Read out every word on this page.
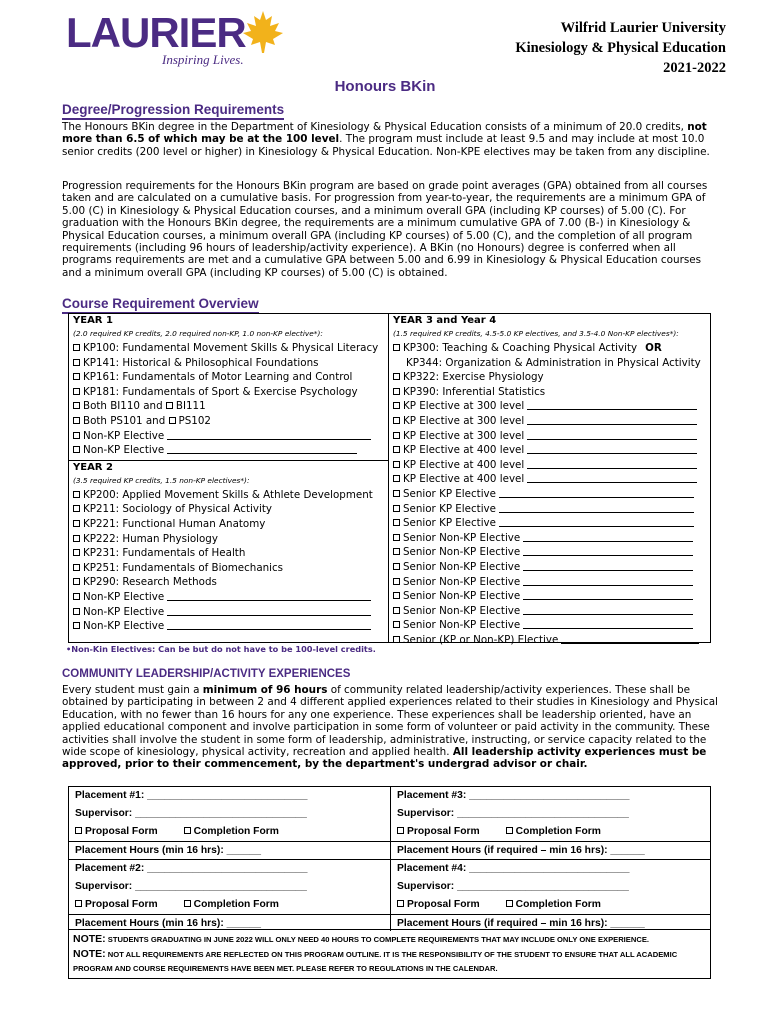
LAURIER
Inspiring Lives.
Wilfrid Laurier University
Kinesiology & Physical Education
2021-2022
Honours BKin
Degree/Progression Requirements
The Honours BKin degree in the Department of Kinesiology & Physical Education consists of a minimum of 20.0 credits, not more than 6.5 of which may be at the 100 level. The program must include at least 9.5 and may include at most 10.0 senior credits (200 level or higher) in Kinesiology & Physical Education. Non-KPE electives may be taken from any discipline.
Progression requirements for the Honours BKin program are based on grade point averages (GPA) obtained from all courses taken and are calculated on a cumulative basis. For progression from year-to-year, the requirements are a minimum GPA of 5.00 (C) in Kinesiology & Physical Education courses, and a minimum overall GPA (including KP courses) of 5.00 (C). For graduation with the Honours BKin degree, the requirements are a minimum cumulative GPA of 7.00 (B-) in Kinesiology & Physical Education courses, a minimum overall GPA (including KP courses) of 5.00 (C), and the completion of all program requirements (including 96 hours of leadership/activity experience). A BKin (no Honours) degree is conferred when all programs requirements are met and a cumulative GPA between 5.00 and 6.99 in Kinesiology & Physical Education courses and a minimum overall GPA (including KP courses) of 5.00 (C) is obtained.
Course Requirement Overview
YEAR 1
(2.0 required KP credits, 2.0 required non-KP, 1.0 non-KP elective*):
KP100: Fundamental Movement Skills & Physical Literacy
KP141: Historical & Philosophical Foundations
KP161: Fundamentals of Motor Learning and Control
KP181: Fundamentals of Sport & Exercise Psychology
Both BI110 and BI111
Both PS101 and PS102
Non-KP Elective
Non-KP Elective
YEAR 2
(3.5 required KP credits, 1.5 non-KP electives*):
KP200: Applied Movement Skills & Athlete Development
KP211: Sociology of Physical Activity
KP221: Functional Human Anatomy
KP222: Human Physiology
KP231: Fundamentals of Health
KP251: Fundamentals of Biomechanics
KP290: Research Methods
Non-KP Elective
Non-KP Elective
Non-KP Elective
YEAR 3 and Year 4
(1.5 required KP credits, 4.5-5.0 KP electives, and 3.5-4.0 Non-KP electives*):
KP300: Teaching & Coaching Physical Activity OR
KP344: Organization & Administration in Physical Activity
KP322: Exercise Physiology
KP390: Inferential Statistics
KP Elective at 300 level
KP Elective at 300 level
KP Elective at 300 level
KP Elective at 400 level
KP Elective at 400 level
KP Elective at 400 level
Senior KP Elective
Senior KP Elective
Senior KP Elective
Senior Non-KP Elective
Senior Non-KP Elective
Senior Non-KP Elective
Senior Non-KP Elective
Senior Non-KP Elective
Senior Non-KP Elective
Senior Non-KP Elective
Senior (KP or Non-KP) Elective
•Non-Kin Electives: Can be but do not have to be 100-level credits.
COMMUNITY LEADERSHIP/ACTIVITY EXPERIENCES
Every student must gain a minimum of 96 hours of community related leadership/activity experiences. These shall be obtained by participating in between 2 and 4 different applied experiences related to their studies in Kinesiology and Physical Education, with no fewer than 16 hours for any one experience. These experiences shall be leadership oriented, have an applied educational component and involve participation in some form of volunteer or paid activity in the community. These activities shall involve the student in some form of leadership, administrative, instructing, or service capacity related to the wide scope of kinesiology, physical activity, recreation and applied health. All leadership activity experiences must be approved, prior to their commencement, by the department's undergrad advisor or chair.
Placement #1: ____________________________
Supervisor: ______________________________
Proposal Form	Completion Form
Placement Hours (min 16 hrs): ______
Placement #3: ____________________________
Supervisor: ______________________________
Proposal Form	Completion Form
Placement Hours (if required – min 16 hrs): ______
Placement #2: ____________________________
Supervisor: ______________________________
Proposal Form	Completion Form
Placement Hours (min 16 hrs): ______
Placement #4: ____________________________
Supervisor: ______________________________
Proposal Form	Completion Form
Placement Hours (if required – min 16 hrs): ______
NOTE: STUDENTS GRADUATING IN JUNE 2022 WILL ONLY NEED 40 HOURS TO COMPLETE REQUIREMENTS THAT MAY INCLUDE ONLY ONE EXPERIENCE.
NOTE: NOT ALL REQUIREMENTS ARE REFLECTED ON THIS PROGRAM OUTLINE. IT IS THE RESPONSIBILITY OF THE STUDENT TO ENSURE THAT ALL ACADEMIC PROGRAM AND COURSE REQUIREMENTS HAVE BEEN MET. PLEASE REFER TO REGULATIONS IN THE CALENDAR.
